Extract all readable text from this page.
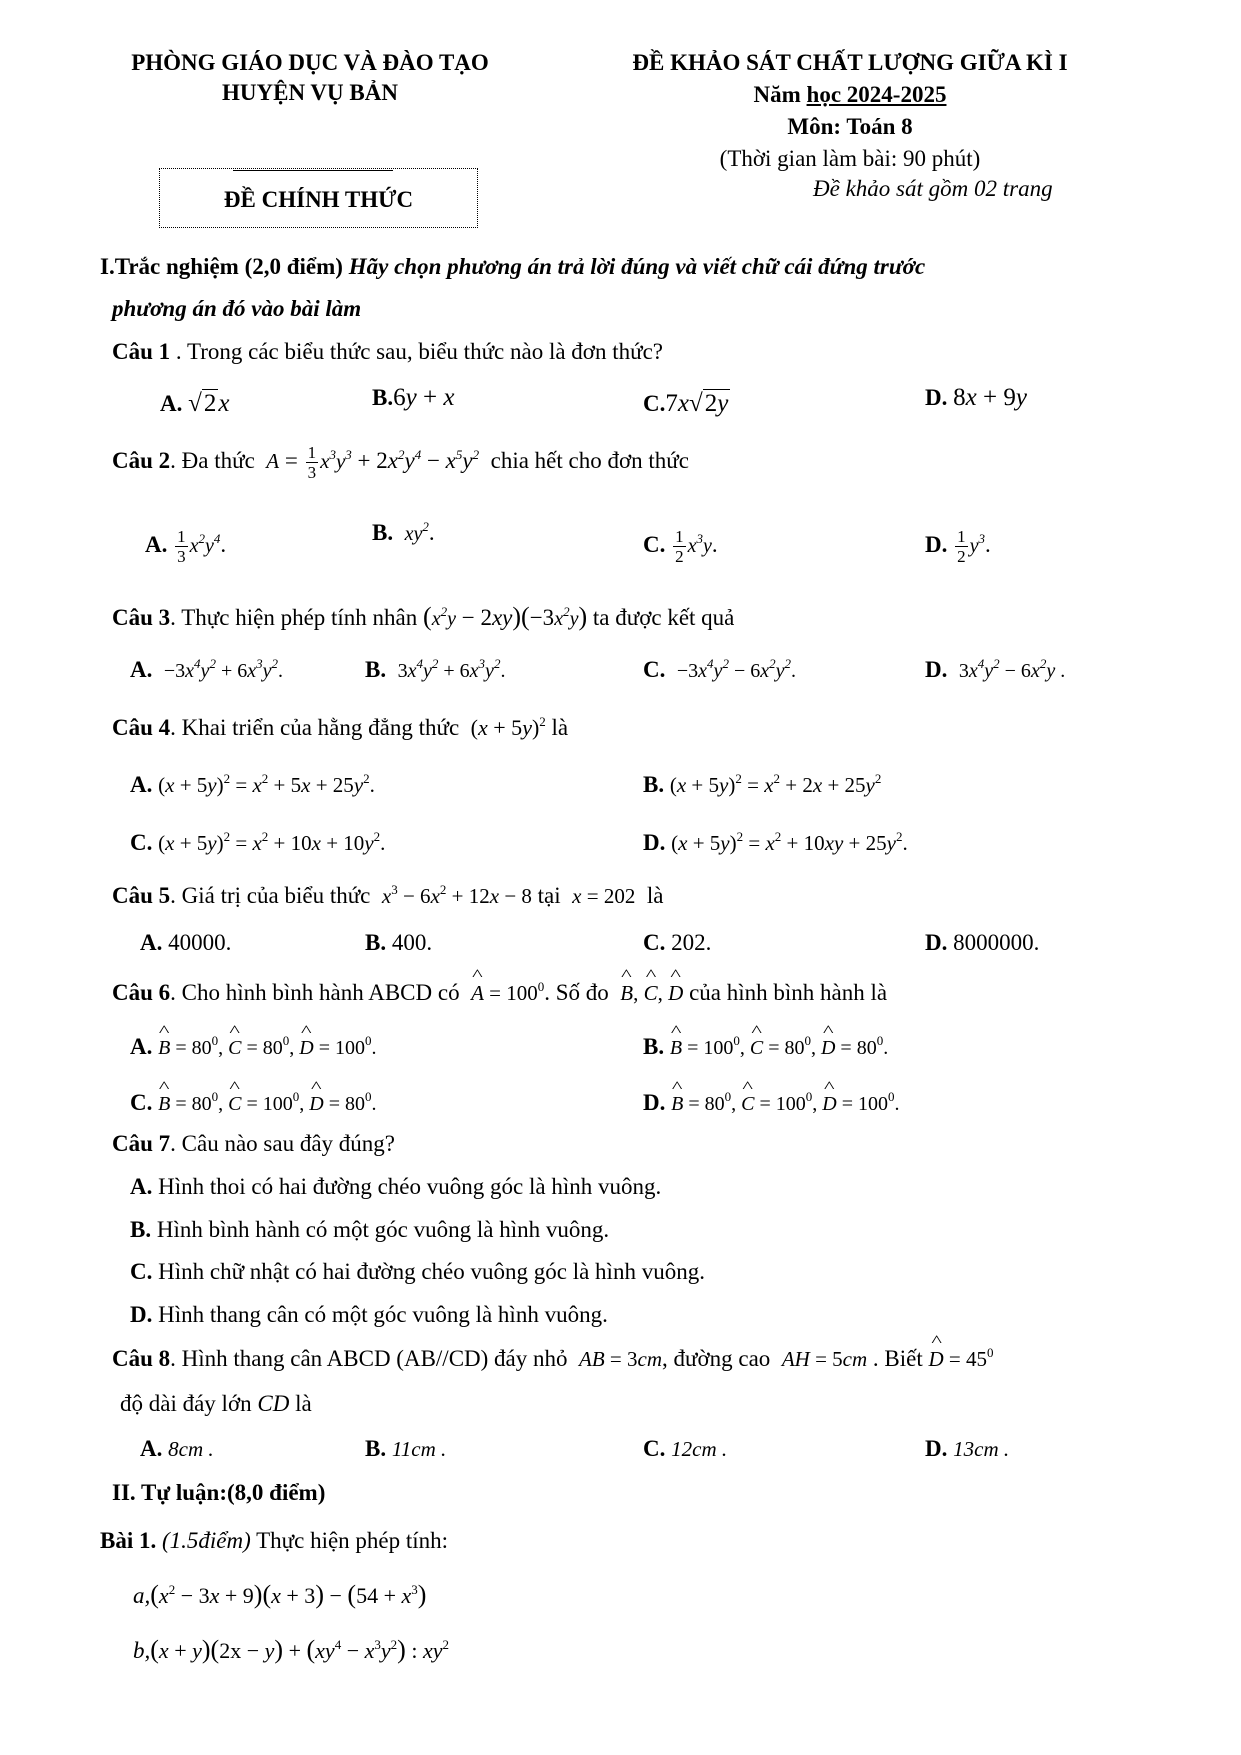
PHÒNG GIÁO DỤC VÀ ĐÀO TẠO
HUYỆN VỤ BẢN
ĐỀ KHẢO SÁT CHẤT LƯỢNG GIỮA KÌ I
Năm học 2024-2025
Môn: Toán 8
(Thời gian làm bài: 90 phút)
Đề khảo sát gồm 02 trang
ĐỀ CHÍNH THỨC
I.Trắc nghiệm (2,0 điểm) Hãy chọn phương án trả lời đúng và viết chữ cái đứng trước
phương án đó vào bài làm
Câu 1 . Trong các biểu thức sau, biểu thức nào là đơn thức?
A. √2x	B.6y + x	C.7x√2y	D. 8x + 9y
Câu 2. Đa thức $A = \frac{1}{3} x^3y^3 + 2x^2y^4 - x^5y^2$ chia hết cho đơn thức
A. $\frac{1}{3} x^2y^4$.	B. $xy^2$.	C. $\frac{1}{2} x^3y$.	D. $\frac{1}{2} y^3$.
Câu 3. Thực hiện phép tính nhân $(x^2y - 2xy)(-3x^2y)$ ta được kết quả
A. $-3x^4y^2 + 6x^3y^2$.	B. $3x^4y^2 + 6x^3y^2$.	C. $-3x^4y^2 - 6x^2y^2$.	D. $3x^4y^2 - 6x^2y$ .
Câu 4. Khai triển của hằng đẳng thức $(x + 5y)^2$ là
A. $(x + 5y)^2 = x^2 + 5x + 25y^2$.	B. $(x + 5y)^2 = x^2 + 2x + 25y^2$
C. $(x + 5y)^2 = x^2 + 10x + 10y^2$.	D. $(x + 5y)^2 = x^2 + 10xy + 25y^2$.
Câu 5. Giá trị của biểu thức $x^3 - 6x^2 + 12x - 8$ tại x = 202 là
A. 40000.	B. 400.	C. 202.	D. 8000000.
Câu 6. Cho hình bình hành ABCD có ^ $A = 100^0$. Số đo ^ B, ^ C, ^ D của hình bình hành là
A. ^ $B = 80^0$, ^ $C = 80^0$, ^ $D = 100^0$.	B. ^ $B = 100^0$, ^ $C = 80^0$, ^ $D = 80^0$.
C. ^ $B = 80^0$, ^ $C = 100^0$, ^ $D = 80^0$.	D. ^ $B = 80^0$, ^ $C = 100^0$, ^ $D = 100^0$.
Câu 7. Câu nào sau đây đúng?
A. Hình thoi có hai đường chéo vuông góc là hình vuông.
B. Hình bình hành có một góc vuông là hình vuông.
C. Hình chữ nhật có hai đường chéo vuông góc là hình vuông.
D. Hình thang cân có một góc vuông là hình vuông.
Câu 8. Hình thang cân ABCD (AB//CD) đáy nhỏ AB = 3cm, đường cao AH = 5cm . Biết ^ $D = 45^0$
độ dài đáy lớn CD là
A. 8cm .	B. 11cm .	C. 12cm .	D. 13cm .
II. Tự luận:(8,0 điểm)
Bài 1. (1.5điểm) Thực hiện phép tính:
$a,(x^2 - 3x + 9)(x + 3) - (54 + x^3)$
$b,(x + y)(2x - y) + (xy^4 - x^3y^2)$ : $xy^2$
